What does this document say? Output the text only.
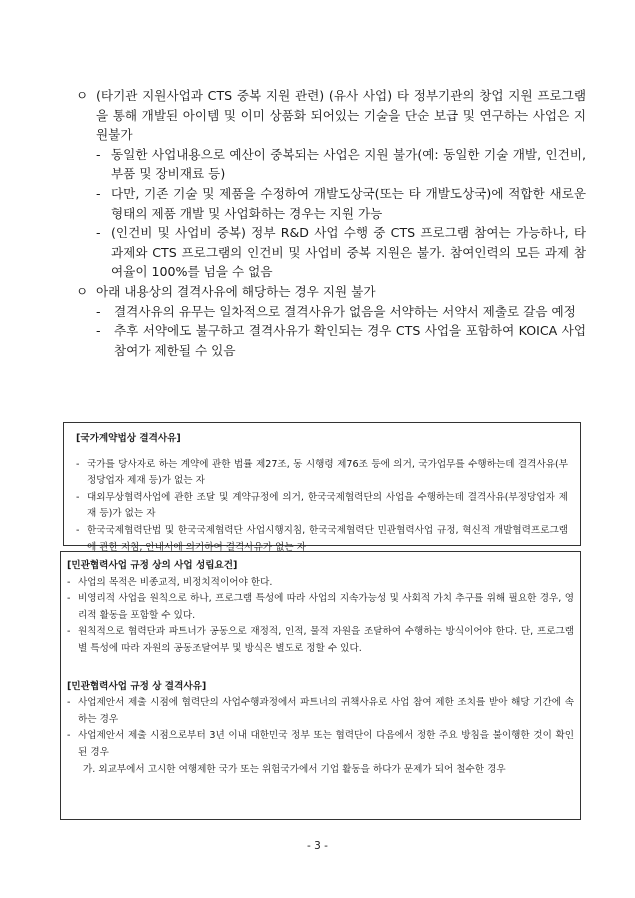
ㅇ (타기관 지원사업과 CTS 중복 지원 관련) (유사 사업) 타 정부기관의 창업 지원 프로그램을 통해 개발된 아이템 및 이미 상품화 되어있는 기술을 단순 보급 및 연구하는 사업은 지원불가
- 동일한 사업내용으로 예산이 중복되는 사업은 지원 불가(예: 동일한 기술 개발, 인건비, 부품 및 장비재료 등)
- 다만, 기존 기술 및 제품을 수정하여 개발도상국(또는 타 개발도상국)에 적합한 새로운 형태의 제품 개발 및 사업화하는 경우는 지원 가능
- (인건비 및 사업비 중복) 정부 R&D 사업 수행 중 CTS 프로그램 참여는 가능하나, 타 과제와 CTS 프로그램의 인건비 및 사업비 중복 지원은 불가. 참여인력의 모든 과제 참여율이 100%를 넘을 수 없음
ㅇ 아래 내용상의 결격사유에 해당하는 경우 지원 불가
- 결격사유의 유무는 일차적으로 결격사유가 없음을 서약하는 서약서 제출로 갈음 예정
- 추후 서약에도 불구하고 결격사유가 확인되는 경우 CTS 사업을 포함하여 KOICA 사업 참여가 제한될 수 있음
[국가계약법상 결격사유]
- 국가를 당사자로 하는 계약에 관한 법률 제27조, 동 시행령 제76조 등에 의거, 국가업무를 수행하는데 결격사유(부정당업자 제재 등)가 없는 자
- 대외무상협력사업에 관한 조달 및 계약규정에 의거, 한국국제협력단의 사업을 수행하는데 결격사유(부정당업자 제재 등)가 없는 자
- 한국국제협력단법 및 한국국제협력단 사업시행지침, 한국국제협력단 민관협력사업 규정, 혁신적 개발협력프로그램에 관한 지침, 안내서에 의거하여 결격사유가 없는 자
[민관협력사업 규정 상의 사업 성립요건]
- 사업의 목적은 비종교적, 비정치적이어야 한다.
- 비영리적 사업을 원칙으로 하나, 프로그램 특성에 따라 사업의 지속가능성 및 사회적 가치 추구를 위해 필요한 경우, 영리적 활동을 포함할 수 있다.
- 원칙적으로 협력단과 파트너가 공동으로 재정적, 인적, 물적 자원을 조달하여 수행하는 방식이어야 한다. 단, 프로그램별 특성에 따라 자원의 공동조달여부 및 방식은 별도로 정할 수 있다.
[민관협력사업 규정 상 결격사유]
- 사업제안서 제출 시점에 협력단의 사업수행과정에서 파트너의 귀책사유로 사업 참여 제한 조치를 받아 해당 기간에 속하는 경우
- 사업제안서 제출 시점으로부터 3년 이내 대한민국 정부 또는 협력단이 다음에서 정한 주요 방침을 불이행한 것이 확인된 경우
가. 외교부에서 고시한 여행제한 국가 또는 위험국가에서 기업 활동을 하다가 문제가 되어 철수한 경우
- 3 -
